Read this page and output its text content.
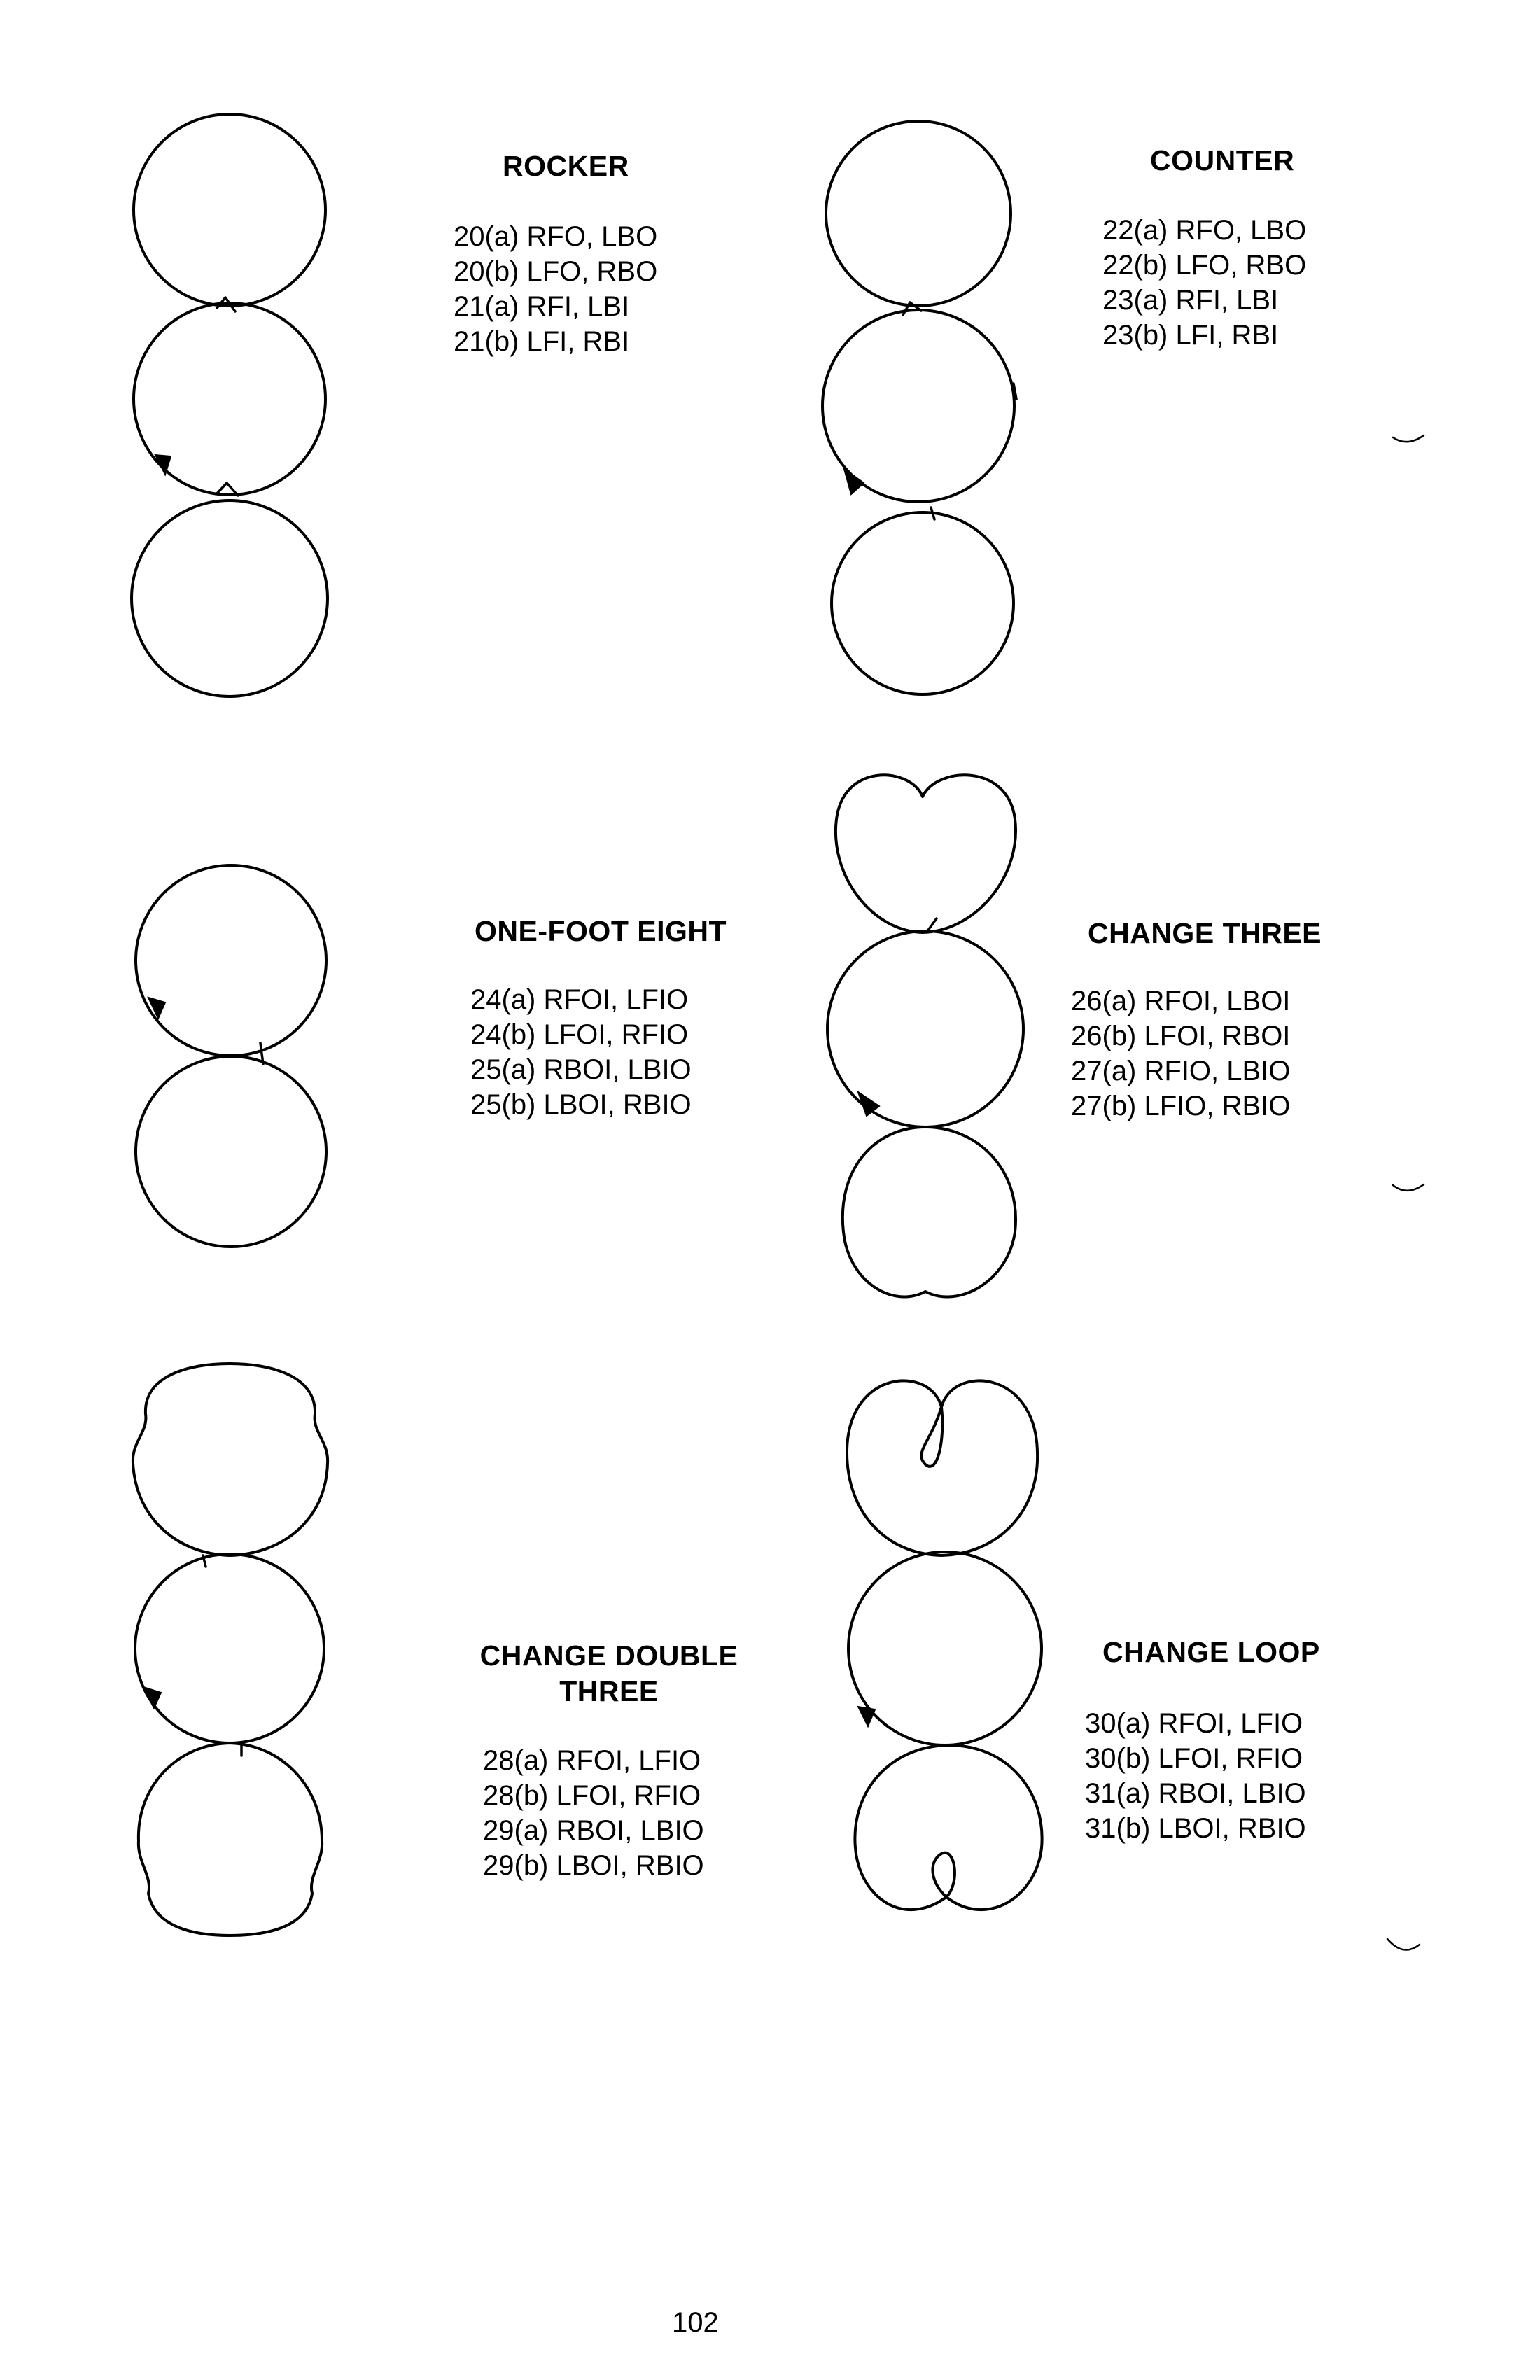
ROCKER
20(a) RFO, LBO
20(b) LFO, RBO
21(a) RFI, LBI
21(b) LFI, RBI
COUNTER
22(a) RFO, LBO
22(b) LFO, RBO
23(a) RFI, LBI
23(b) LFI, RBI
ONE-FOOT EIGHT
24(a) RFOI, LFIO
24(b) LFOI, RFIO
25(a) RBOI, LBIO
25(b) LBOI, RBIO
CHANGE THREE
26(a) RFOI, LBOI
26(b) LFOI, RBOI
27(a) RFIO, LBIO
27(b) LFIO, RBIO
CHANGE DOUBLE
THREE
28(a) RFOI, LFIO
28(b) LFOI, RFIO
29(a) RBOI, LBIO
29(b) LBOI, RBIO
CHANGE LOOP
30(a) RFOI, LFIO
30(b) LFOI, RFIO
31(a) RBOI, LBIO
31(b) LBOI, RBIO
102
